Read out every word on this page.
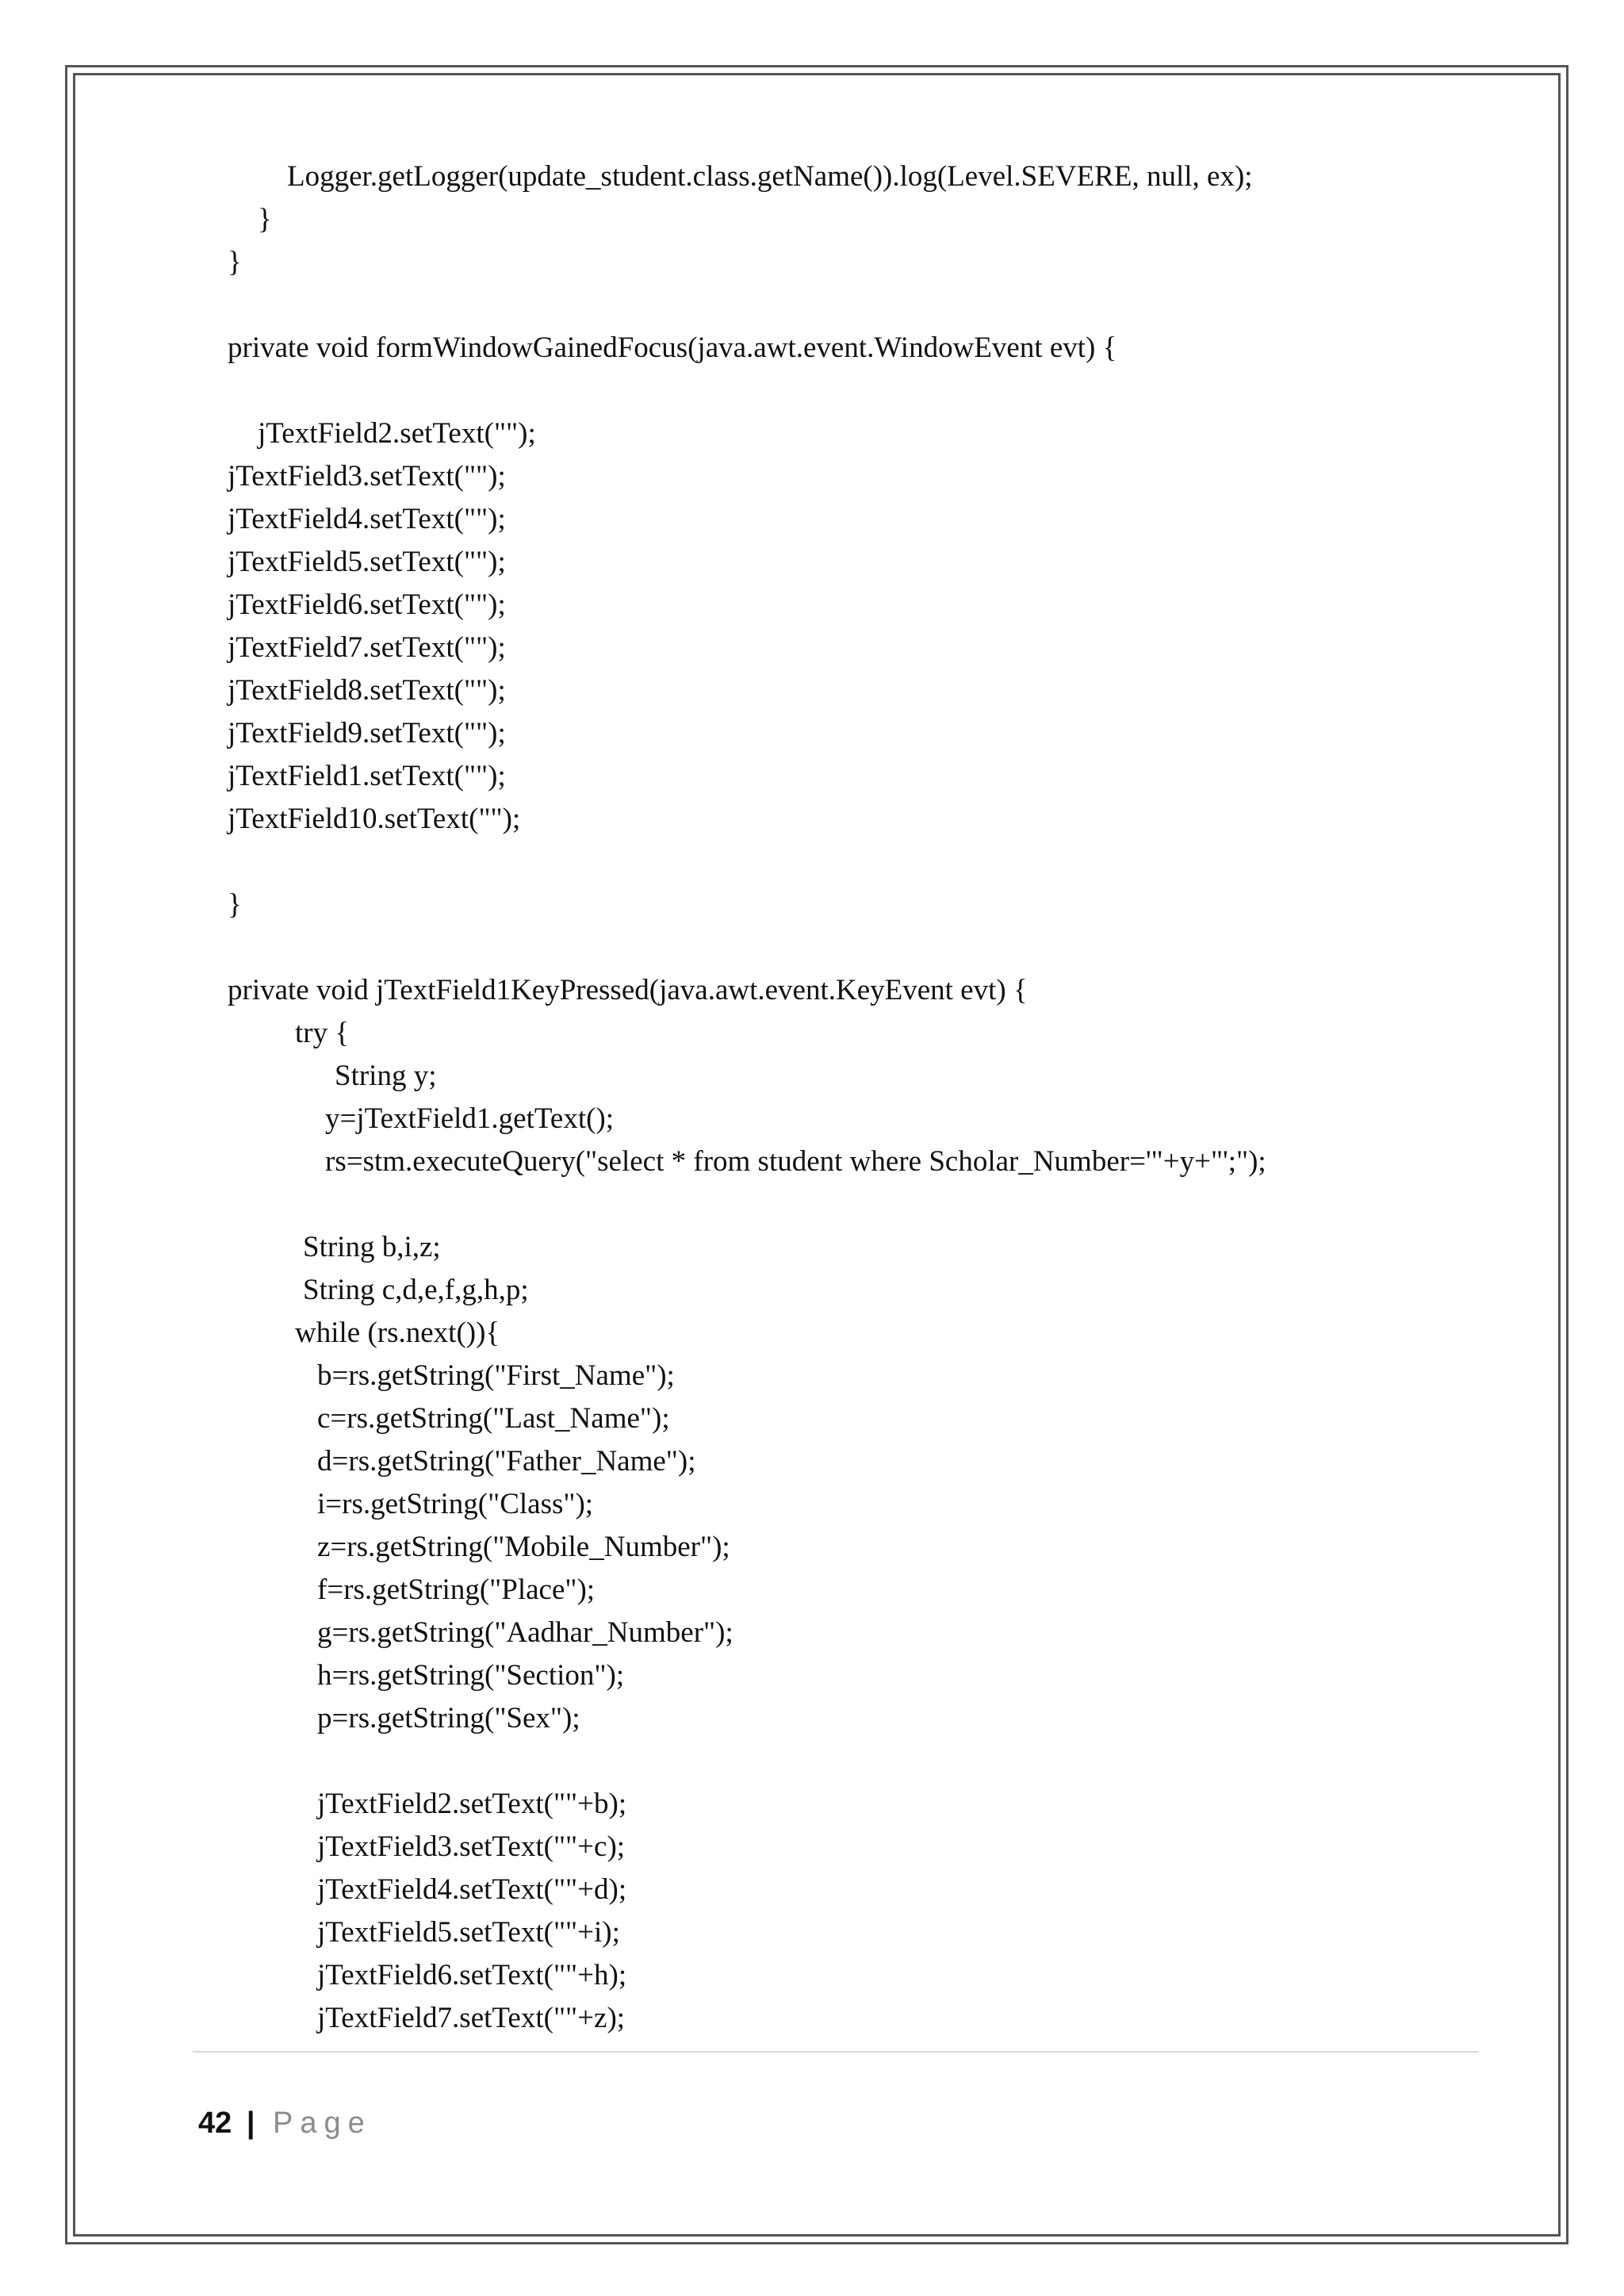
Logger.getLogger(update_student.class.getName()).log(Level.SEVERE, null, ex);
}
}
private void formWindowGainedFocus(java.awt.event.WindowEvent evt) {
jTextField2.setText("");
jTextField3.setText("");
jTextField4.setText("");
jTextField5.setText("");
jTextField6.setText("");
jTextField7.setText("");
jTextField8.setText("");
jTextField9.setText("");
jTextField1.setText("");
jTextField10.setText("");
}
private void jTextField1KeyPressed(java.awt.event.KeyEvent evt) {
try {
String y;
y=jTextField1.getText();
rs=stm.executeQuery("select * from student where Scholar_Number='"+y+"';");
String b,i,z;
String c,d,e,f,g,h,p;
while (rs.next()){
b=rs.getString("First_Name");
c=rs.getString("Last_Name");
d=rs.getString("Father_Name");
i=rs.getString("Class");
z=rs.getString("Mobile_Number");
f=rs.getString("Place");
g=rs.getString("Aadhar_Number");
h=rs.getString("Section");
p=rs.getString("Sex");
jTextField2.setText(""+b);
jTextField3.setText(""+c);
jTextField4.setText(""+d);
jTextField5.setText(""+i);
jTextField6.setText(""+h);
jTextField7.setText(""+z);
42 | Page
